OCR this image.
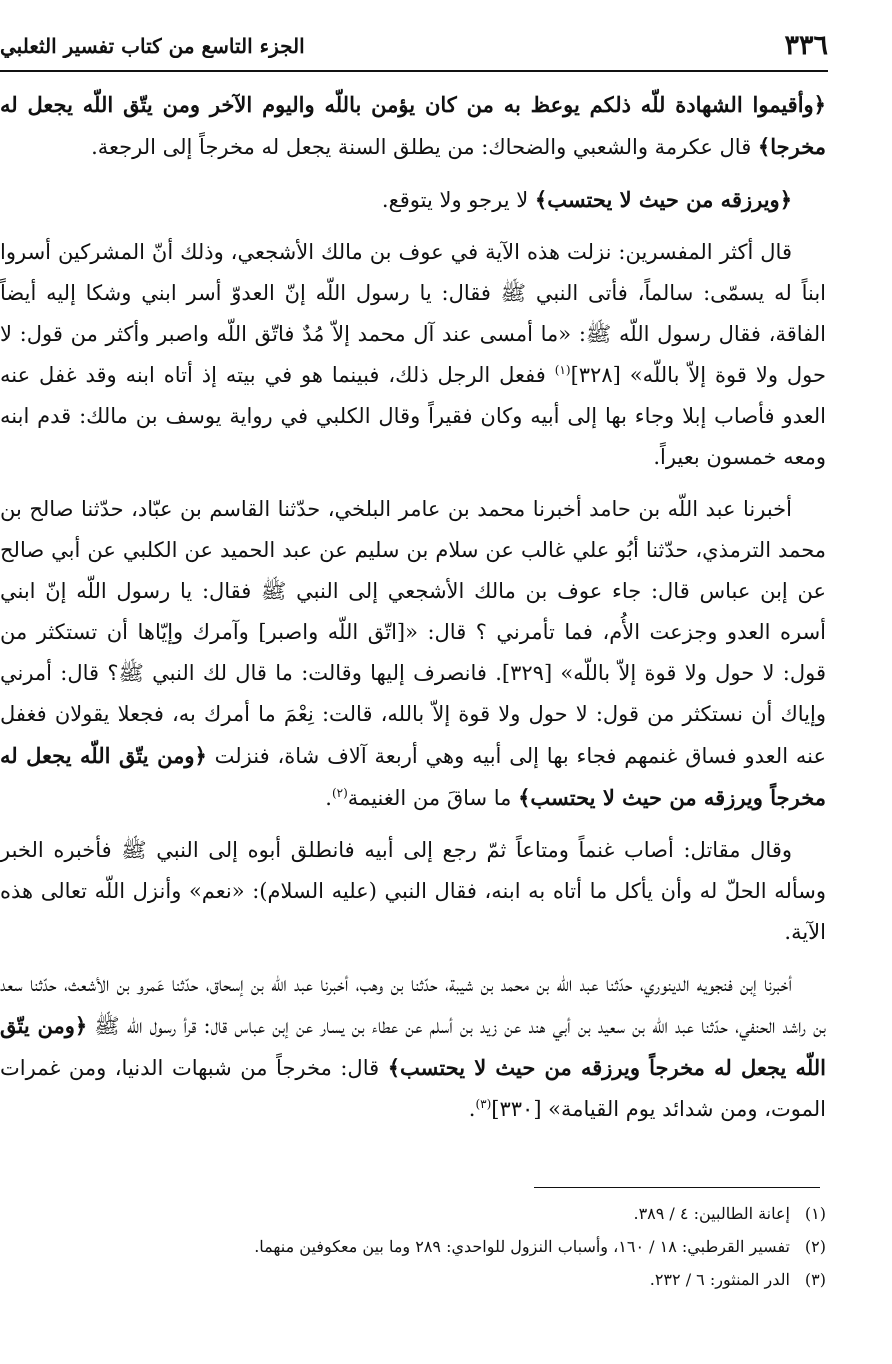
٣٣٦
الجزء التاسع من كتاب تفسير الثعلبي

﴿وأقيموا الشهادة للّه ذلكم يوعظ به من كان يؤمن باللّه واليوم الآخر ومن يتّق اللّه يجعل له مخرجا﴾ قال عكرمة والشعبي والضحاك: من يطلق السنة يجعل له مخرجاً إلى الرجعة.

﴿ويرزقه من حيث لا يحتسب﴾ لا يرجو ولا يتوقع.

قال أكثر المفسرين: نزلت هذه الآية في عوف بن مالك الأشجعي، وذلك أنّ المشركين أسروا ابناً له يسمّى: سالماً، فأتى النبي ﷺ فقال: يا رسول اللّه إنّ العدوّ أسر ابني وشكا إليه أيضاً الفاقة، فقال رسول اللّه ﷺ: «ما أمسى عند آل محمد إلاّ مُدٌ فاتّق اللّه واصبر وأكثر من قول: لا حول ولا قوة إلاّ باللّه» [٣٢٨]$^{(١)}$ ففعل الرجل ذلك، فبينما هو في بيته إذ أتاه ابنه وقد غفل عنه العدو فأصاب إبلا وجاء بها إلى أبيه وكان فقيراً وقال الكلبي في رواية يوسف بن مالك: قدم ابنه ومعه خمسون بعيراً.

أخبرنا عبد اللّه بن حامد أخبرنا محمد بن عامر البلخي، حدّثنا القاسم بن عبّاد، حدّثنا صالح بن محمد الترمذي، حدّثنا أبُو علي غالب عن سلام بن سليم عن عبد الحميد عن الكلبي عن أبي صالح عن إبن عباس قال: جاء عوف بن مالك الأشجعي إلى النبي ﷺ فقال: يا رسول اللّه إنّ ابني أسره العدو وجزعت الأُم، فما تأمرني ؟ قال: «[اتّق اللّه واصبر] وآمرك وإيّاها أن تستكثر من قول: لا حول ولا قوة إلاّ باللّه» [٣٢٩]. فانصرف إليها وقالت: ما قال لك النبي ﷺ؟ قال: أمرني وإياك أن نستكثر من قول: لا حول ولا قوة إلاّ بالله، قالت: نِعْمَ ما أمرك به، فجعلا يقولان فغفل عنه العدو فساق غنمهم فجاء بها إلى أبيه وهي أربعة آلاف شاة، فنزلت ﴿ومن يتّق اللّه يجعل له مخرجاً ويرزقه من حيث لا يحتسب﴾ ما ساقَ من الغنيمة$^{(٢)}$.

وقال مقاتل: أصاب غنماً ومتاعاً ثمّ رجع إلى أبيه فانطلق أبوه إلى النبي ﷺ فأخبره الخبر وسأله الحلّ له وأن يأكل ما أتاه به ابنه، فقال النبي (عليه السلام): «نعم» وأنزل اللّه تعالى هذه الآية.

أخبرنا إبن فنجويه الدينوري، حدّثنا عبد اللّه بن محمد بن شيبة، حدّثنا بن وهب، أخبرنا عبد اللّه بن إسحاق، حدّثنا عَمرو بن الأشعث، حدّثنا سعد بن راشد الحنفي، حدّثنا عبد اللّه بن سعيد بن أبي هند عن زيد بن أسلم عن عطاء بن يسار عن إبن عباس قال: قرأ رسول اللّه ﷺ ﴿ومن يتّق اللّه يجعل له مخرجاً ويرزقه من حيث لا يحتسب﴾ قال: مخرجاً من شبهات الدنيا، ومن غمرات الموت، ومن شدائد يوم القيامة» [٣٣٠]$^{(٣)}$.

(١)إعانة الطالبين: ٤ / ٣٨٩.
(٢)تفسير القرطبي: ١٨ / ١٦٠، وأسباب النزول للواحدي: ٢٨٩ وما بين معكوفين منهما.
(٣)الدر المنثور: ٦ / ٢٣٢.
